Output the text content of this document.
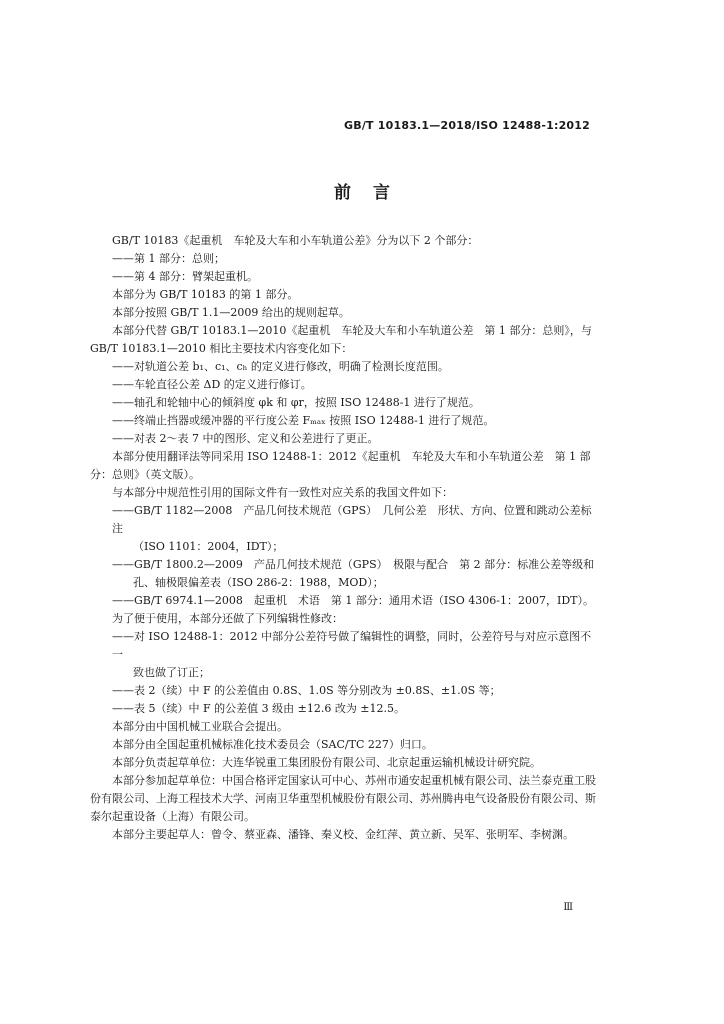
GB/T 10183.1—2018/ISO 12488-1:2012
前言

GB/T 10183《起重机　车轮及大车和小车轨道公差》分为以下 2 个部分：

——第 1 部分：总则；

——第 4 部分：臂架起重机。

本部分为 GB/T 10183 的第 1 部分。

本部分按照 GB/T 1.1—2009 给出的规则起草。

本部分代替 GB/T 10183.1—2010《起重机　车轮及大车和小车轨道公差　第 1 部分：总则》，与 GB/T 10183.1—2010 相比主要技术内容变化如下：

——对轨道公差 b₁、c₁、cₕ 的定义进行修改，明确了检测长度范围。

——车轮直径公差 ΔD 的定义进行修订。

——轴孔和轮轴中心的倾斜度 φk 和 φr，按照 ISO 12488-1 进行了规范。

——终端止挡器或缓冲器的平行度公差 Fₘₐₓ 按照 ISO 12488-1 进行了规范。

——对表 2～表 7 中的图形、定义和公差进行了更正。

本部分使用翻译法等同采用 ISO 12488-1：2012《起重机　车轮及大车和小车轨道公差　第 1 部分：总则》（英文版）。

与本部分中规范性引用的国际文件有一致性对应关系的我国文件如下：

——GB/T 1182—2008　产品几何技术规范（GPS）　几何公差　形状、方向、位置和跳动公差标注
（ISO 1101：2004，IDT）；
——GB/T 1800.2—2009　产品几何技术规范（GPS）　极限与配合　第 2 部分：标准公差等级和
孔、轴极限偏差表（ISO 286-2：1988，MOD）；

——GB/T 6974.1—2008　起重机　术语　第 1 部分：通用术语（ISO 4306-1：2007，IDT）。

为了便于使用，本部分还做了下列编辑性修改：

——对 ISO 12488-1：2012 中部分公差符号做了编辑性的调整，同时，公差符号与对应示意图不一
致也做了订正；

——表 2（续）中 F 的公差值由 0.8S、1.0S 等分别改为 ±0.8S、±1.0S 等；

——表 5（续）中 F 的公差值 3 级由 ±12.6 改为 ±12.5。

本部分由中国机械工业联合会提出。

本部分由全国起重机械标准化技术委员会（SAC/TC 227）归口。

本部分负责起草单位：大连华锐重工集团股份有限公司、北京起重运输机械设计研究院。

本部分参加起草单位：中国合格评定国家认可中心、苏州市通安起重机械有限公司、法兰泰克重工股份有限公司、上海工程技术大学、河南卫华重型机械股份有限公司、苏州腾冉电气设备股份有限公司、斯泰尔起重设备（上海）有限公司。

本部分主要起草人：曾令、蔡亚森、潘锋、秦义校、金红萍、黄立新、吴军、张明军、李树渊。

Ⅲ
